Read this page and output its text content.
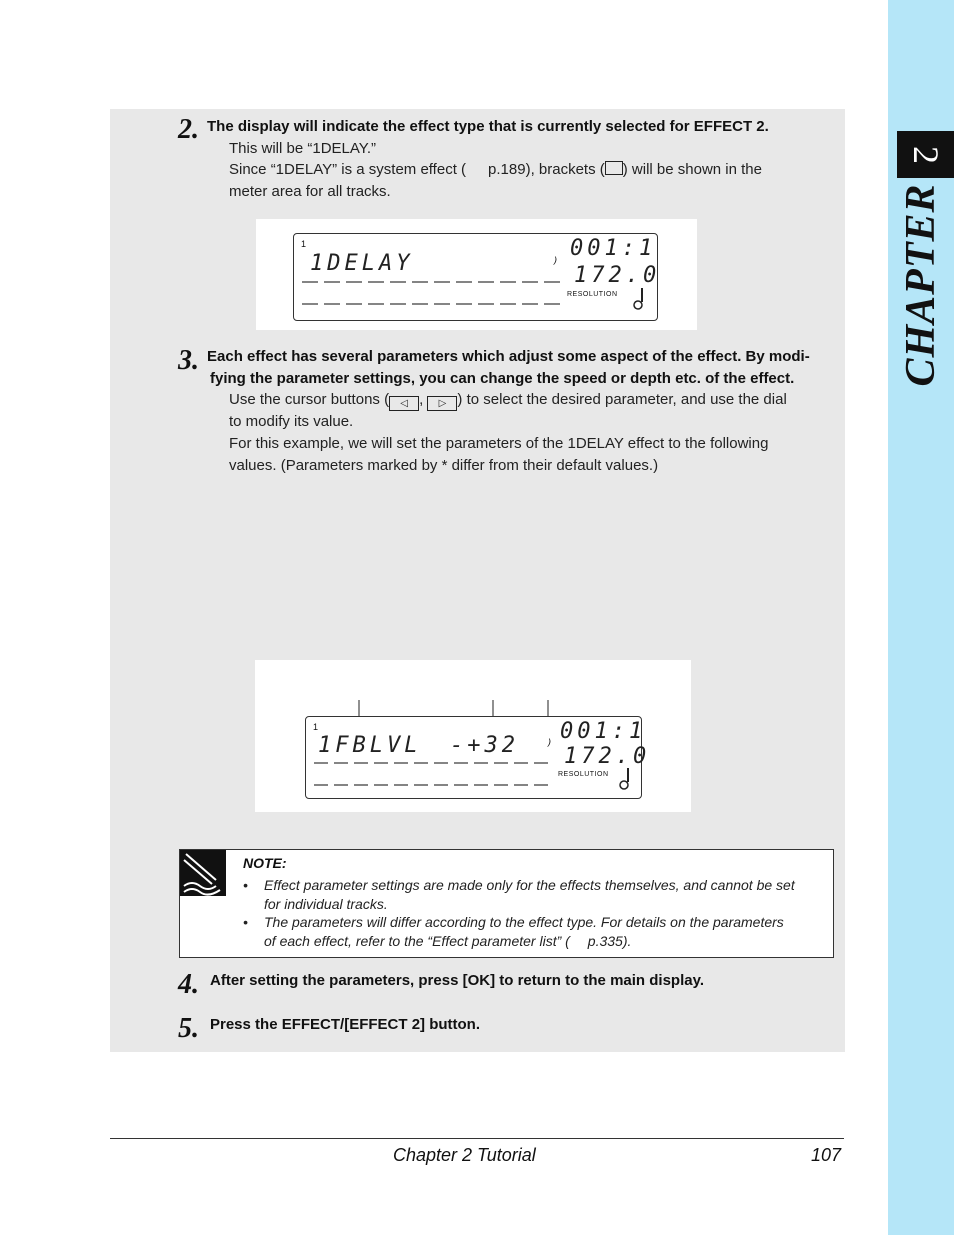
2
CHAPTER
2. The display will indicate the effect type that is currently selected for EFFECT 2.
This will be “1DELAY.”
Since “1DELAY” is a system effect ( p.189), brackets ( ) will be shown in the
meter area for all tracks.
1
1DELAY	⁾
001:1
172.0
RESOLUTION
3. Each effect has several parameters which adjust some aspect of the effect. By modi-
fying the parameter settings, you can change the speed or depth etc. of the effect.
Use the cursor buttons ( ◁ , ▷ ) to select the desired parameter, and use the dial
to modify its value.
For this example, we will set the parameters of the 1DELAY effect to the following
values. (Parameters marked by * differ from their default values.)
1
1FBLVL -+32 ⁾
001:1
172.0
RESOLUTION
NOTE:
• Effect parameter settings are made only for the effects themselves, and cannot be set
for individual tracks.
• The parameters will differ according to the effect type. For details on the parameters
of each effect, refer to the “Effect parameter list” ( p.335).
4. After setting the parameters, press [OK] to return to the main display.
5. Press the EFFECT/[EFFECT 2] button.
Chapter 2 Tutorial	107
